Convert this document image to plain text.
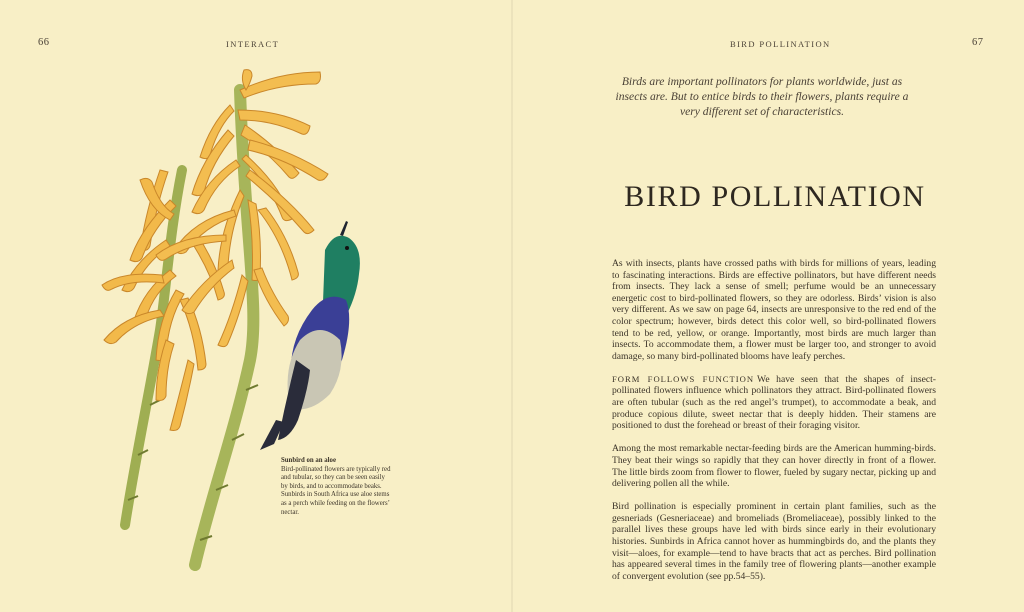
66	INTERACT
Sunbird on an aloe
Bird-pollinated flowers are typically red and tubular, so they can be seen easily by birds, and to accommodate beaks. Sunbirds in South Africa use aloe stems as a perch while feeding on the flowers’ nectar.
BIRD POLLINATION	67
Birds are important pollinators for plants worldwide, just as insects are. But to entice birds to their flowers, plants require a very different set of characteristics.
BIRD POLLINATION

As with insects, plants have crossed paths with birds for millions of years, leading to fascinating interactions. Birds are effective pollinators, but have different needs from insects. They lack a sense of smell; perfume would be an unnecessary energetic cost to bird-pollinated flowers, so they are odorless. Birds’ vision is also very different. As we saw on page 64, insects are unresponsive to the red end of the color spectrum; however, birds detect this color well, so bird-pollinated flowers tend to be red, yellow, or orange. Importantly, most birds are much larger than insects. To accommodate them, a flower must be larger too, and stronger to avoid damage, so many bird-pollinated blooms have leafy perches.

FORM FOLLOWS FUNCTION We have seen that the shapes of insect-pollinated flowers influence which pollinators they attract. Bird-pollinated flowers are often tubular (such as the red angel’s trumpet), to accommodate a beak, and produce copious dilute, sweet nectar that is deeply hidden. Their stamens are positioned to dust the forehead or breast of their foraging visitor.

Among the most remarkable nectar-feeding birds are the American humming-birds. They beat their wings so rapidly that they can hover directly in front of a flower. The little birds zoom from flower to flower, fueled by sugary nectar, picking up and delivering pollen all the while.

Bird pollination is especially prominent in certain plant families, such as the gesneriads (Gesneriaceae) and bromeliads (Bromeliaceae), possibly linked to the parallel lives these groups have led with birds since early in their evolutionary histories. Sunbirds in Africa cannot hover as hummingbirds do, and the plants they visit—aloes, for example—tend to have bracts that act as perches. Bird pollination has appeared several times in the family tree of flowering plants—another example of convergent evolution (see pp.54–55).
